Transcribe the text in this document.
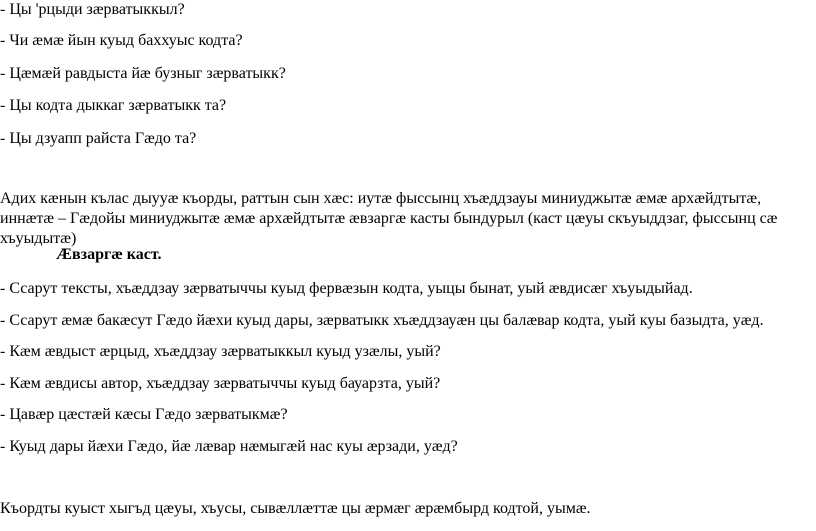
- Цы 'рцыди зæрватыккыл?
- Чи æмæ йын куыд баххуыс кодта?
- Цæмæй равдыста йæ бузныг зæрватыкк?
- Цы кодта дыккаг зæрватыкк та?
- Цы дзуапп райста Гæдо та?
Адих кæнын кълас дыууæ къорды, раттын сын хæс: иутæ фыссынц хъæддзауы миниуджытæ æмæ архæйдтытæ, иннæтæ – Гæдойы миниуджытæ æмæ архæйдтытæ æвзаргæ касты бындурыл (каст цæуы скъуыддзаг, фыссынц сæ хъуыдытæ)
Æвзаргæ каст.
- Ссарут тексты, хъæддзау зæрватыччы куыд фервæзын кодта, уыцы бынат, уый æвдисæг хъуыдыйад.
- Ссарут æмæ бакæсут Гæдо йæхи куыд дары, зæрватыкк хъæддзауæн цы балæвар кодта, уый куы базыдта, уæд.
- Кæм æвдыст æрцыд, хъæддзау зæрватыккыл куыд узæлы, уый?
- Кæм æвдисы автор, хъæддзау зæрватыччы куыд бауарзта, уый?
- Цавæр цæстæй кæсы Гæдо зæрватыкмæ?
- Куыд дары йæхи Гæдо, йæ лæвар нæмыгæй нас куы æрзади, уæд?
Къордты куыст хыгъд цæуы, хъусы, сывæллæттæ цы æрмæг æрæмбырд кодтой, уымæ.
